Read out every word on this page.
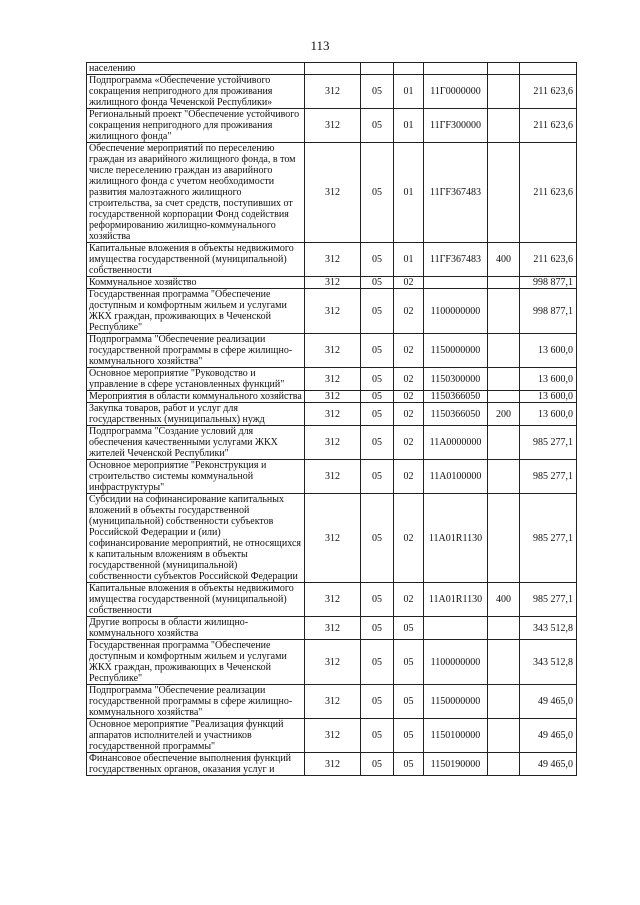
113
населению						
Подпрограмма «Обеспечение устойчивого сокращения непригодного для проживания жилищного фонда Чеченской Республики»	312	05	01	11Г0000000		211 623,6
Региональный проект "Обеспечение устойчивого сокращения непригодного для проживания жилищного фонда"	312	05	01	11ГF300000		211 623,6
Обеспечение мероприятий по переселению граждан из аварийного жилищного фонда, в том числе переселению граждан из аварийного жилищного фонда с учетом необходимости развития малоэтажного жилищного строительства, за счет средств, поступивших от государственной корпорации Фонд содействия реформированию жилищно-коммунального хозяйства	312	05	01	11ГF367483		211 623,6
Капитальные вложения в объекты недвижимого имущества государственной (муниципальной) собственности	312	05	01	11ГF367483	400	211 623,6
Коммунальное хозяйство	312	05	02			998 877,1
Государственная программа "Обеспечение доступным и комфортным жильем и услугами ЖКХ граждан, проживающих в Чеченской Республике"	312	05	02	1100000000		998 877,1
Подпрограмма "Обеспечение реализации государственной программы в сфере жилищно-коммунального хозяйства"	312	05	02	1150000000		13 600,0
Основное мероприятие "Руководство и управление в сфере установленных функций"	312	05	02	1150300000		13 600,0
Мероприятия в области коммунального хозяйства	312	05	02	1150366050		13 600,0
Закупка товаров, работ и услуг для государственных (муниципальных) нужд	312	05	02	1150366050	200	13 600,0
Подпрограмма "Создание условий для обеспечения качественными услугами ЖКХ жителей Чеченской Республики"	312	05	02	11А0000000		985 277,1
Основное мероприятие "Реконструкция и строительство системы коммунальной инфраструктуры"	312	05	02	11А0100000		985 277,1
Субсидии на софинансирование капитальных вложений в объекты государственной (муниципальной) собственности субъектов Российской Федерации и (или) софинансирование мероприятий, не относящихся к капитальным вложениям в объекты государственной (муниципальной) собственности субъектов Российской Федерации	312	05	02	11А01R1130		985 277,1
Капитальные вложения в объекты недвижимого имущества государственной (муниципальной) собственности	312	05	02	11А01R1130	400	985 277,1
Другие вопросы в области жилищно-коммунального хозяйства	312	05	05			343 512,8
Государственная программа "Обеспечение доступным и комфортным жильем и услугами ЖКХ граждан, проживающих в Чеченской Республике"	312	05	05	1100000000		343 512,8
Подпрограмма "Обеспечение реализации государственной программы в сфере жилищно-коммунального хозяйства"	312	05	05	1150000000		49 465,0
Основное мероприятие "Реализация функций аппаратов исполнителей и участников государственной программы"	312	05	05	1150100000		49 465,0
Финансовое обеспечение выполнения функций государственных органов, оказания услуг и	312	05	05	1150190000		49 465,0
